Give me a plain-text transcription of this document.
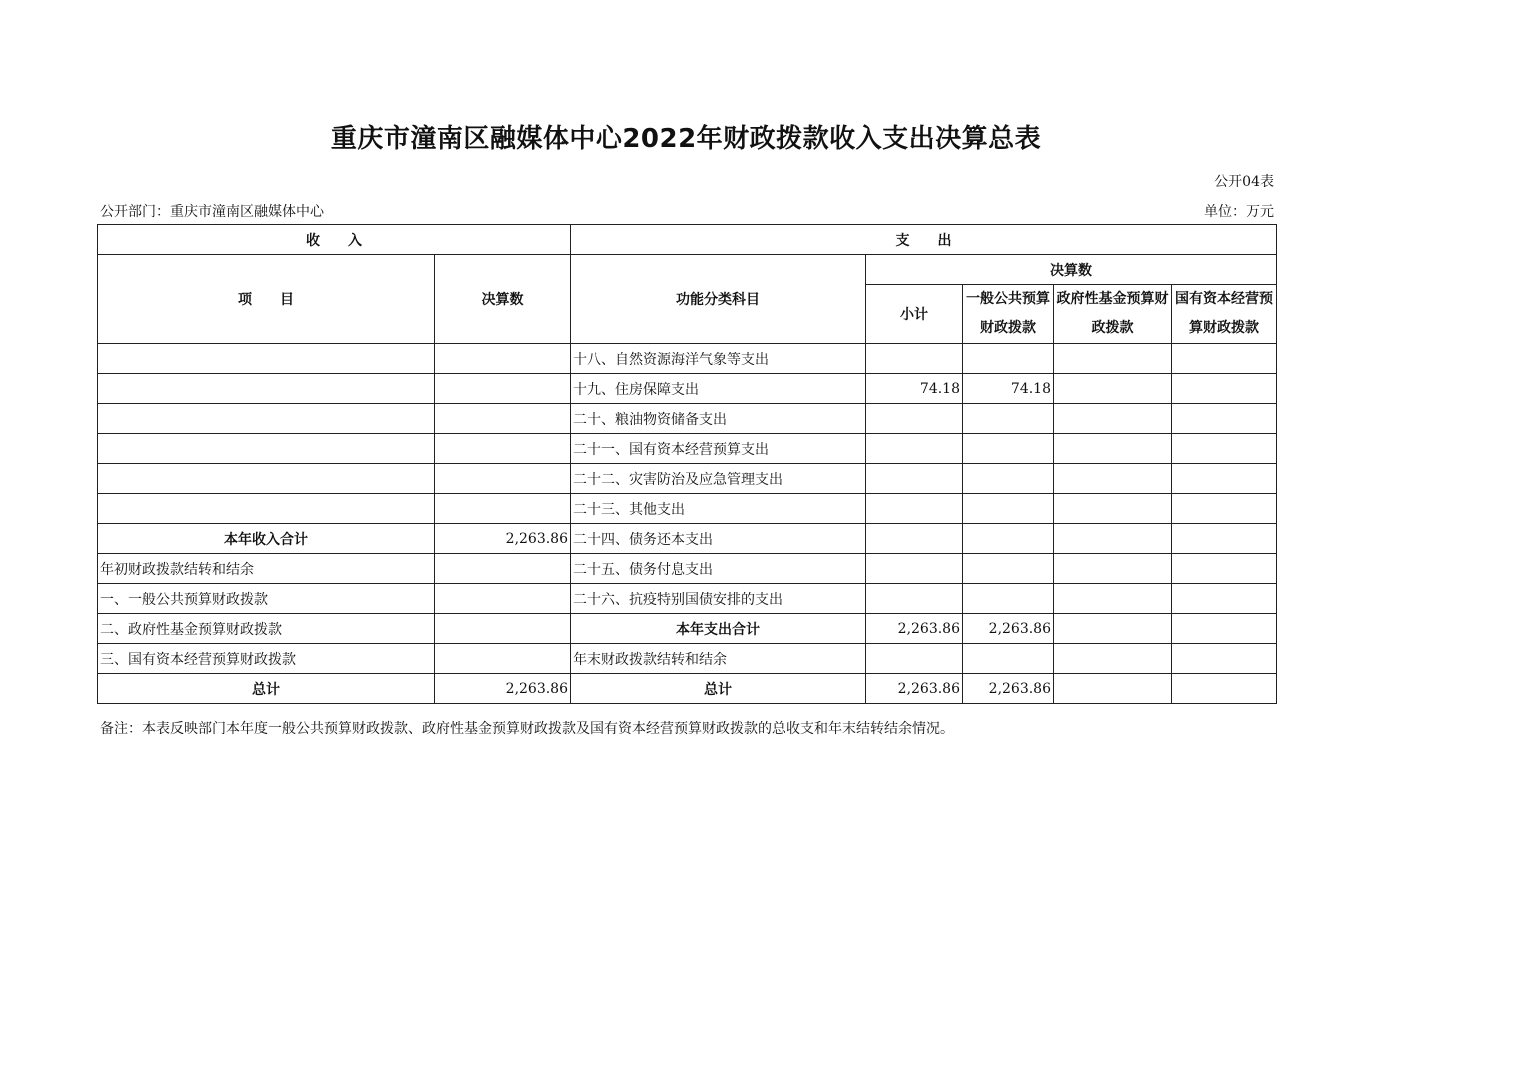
重庆市潼南区融媒体中心2022年财政拨款收入支出决算总表
公开04表
公开部门：重庆市潼南区融媒体中心	单位：万元
收　　入		支　　出				
项　　目	决算数	功能分类科目	决算数			
			小计	一般公共预算财政拨款	政府性基金预算财政拨款	国有资本经营预算财政拨款
		十八、自然资源海洋气象等支出				
		十九、住房保障支出	74.18	74.18		
		二十、粮油物资储备支出				
		二十一、国有资本经营预算支出				
		二十二、灾害防治及应急管理支出				
		二十三、其他支出				
本年收入合计	2,263.86	二十四、债务还本支出				
年初财政拨款结转和结余		二十五、债务付息支出				
一、一般公共预算财政拨款		二十六、抗疫特别国债安排的支出				
二、政府性基金预算财政拨款		本年支出合计	2,263.86	2,263.86		
三、国有资本经营预算财政拨款		年末财政拨款结转和结余				
总计	2,263.86	总计	2,263.86	2,263.86		
备注：本表反映部门本年度一般公共预算财政拨款、政府性基金预算财政拨款及国有资本经营预算财政拨款的总收支和年末结转结余情况。
